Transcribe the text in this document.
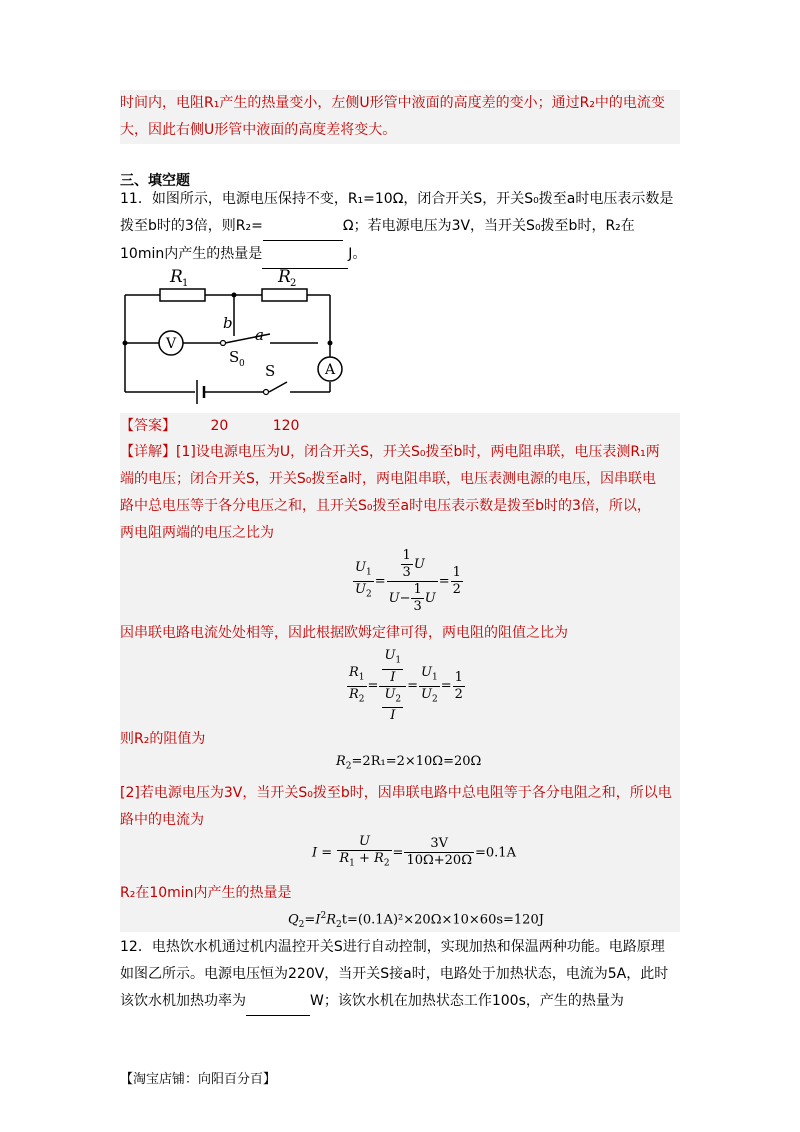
时间内，电阻R₁产生的热量变小，左侧U形管中液面的高度差的变小；通过R₂中的电流变
大，因此右侧U形管中液面的高度差将变大。
三、填空题
11．如图所示，电源电压保持不变，R₁=10Ω，闭合开关S，开关S₀拨至a时电压表示数是
拨至b时的3倍，则R₂=	Ω；若电源电压为3V，当开关S₀拨至b时，R₂在
10min内产生的热量是	J。
V
A
R 1	R 2
b
a
S 0 S
【答案】 20	120
【详解】[1]设电源电压为U，闭合开关S，开关S₀拨至b时，两电阻串联，电压表测R₁两
端的电压；闭合开关S，开关S₀拨至a时，两电阻串联，电压表测电源的电压，因串联电
路中总电压等于各分电压之和，且开关S₀拨至a时电压表示数是拨至b时的3倍，所以，
两电阻两端的电压之比为
$\frac{U_1}{U_2} = \frac{\frac{1}{3} U}{U- \frac{1}{3} U} = \frac{1}{2}$
因串联电路电流处处相等，因此根据欧姆定律可得，两电阻的阻值之比为
$\frac{R_1}{R_2} = \frac{\frac{U_1}{I}}{\frac{U_2}{I}} = \frac{U_1}{U_2} = \frac{1}{2}$
则R₂的阻值为
$R_2=2R_1=2\times 10\Omega=20\Omega$
[2]若电源电压为3V，当开关S₀拨至b时，因串联电路中总电阻等于各分电阻之和，所以电
路中的电流为
$I = \frac{U}{R_1 + R_2} = \frac{3V}{10\Omega+20\Omega} =0.1A$
R₂在10min内产生的热量是
$Q_2=I^2R_2t=(0.1A)^2\times 20\Omega\times 10\times 60s=120J$
12．电热饮水机通过机内温控开关S进行自动控制，实现加热和保温两种功能。电路原理
如图乙所示。电源电压恒为220V，当开关S接a时，电路处于加热状态，电流为5A，此时
该饮水机加热功率为	W；该饮水机在加热状态工作100s，产生的热量为
【淘宝店铺：向阳百分百】
